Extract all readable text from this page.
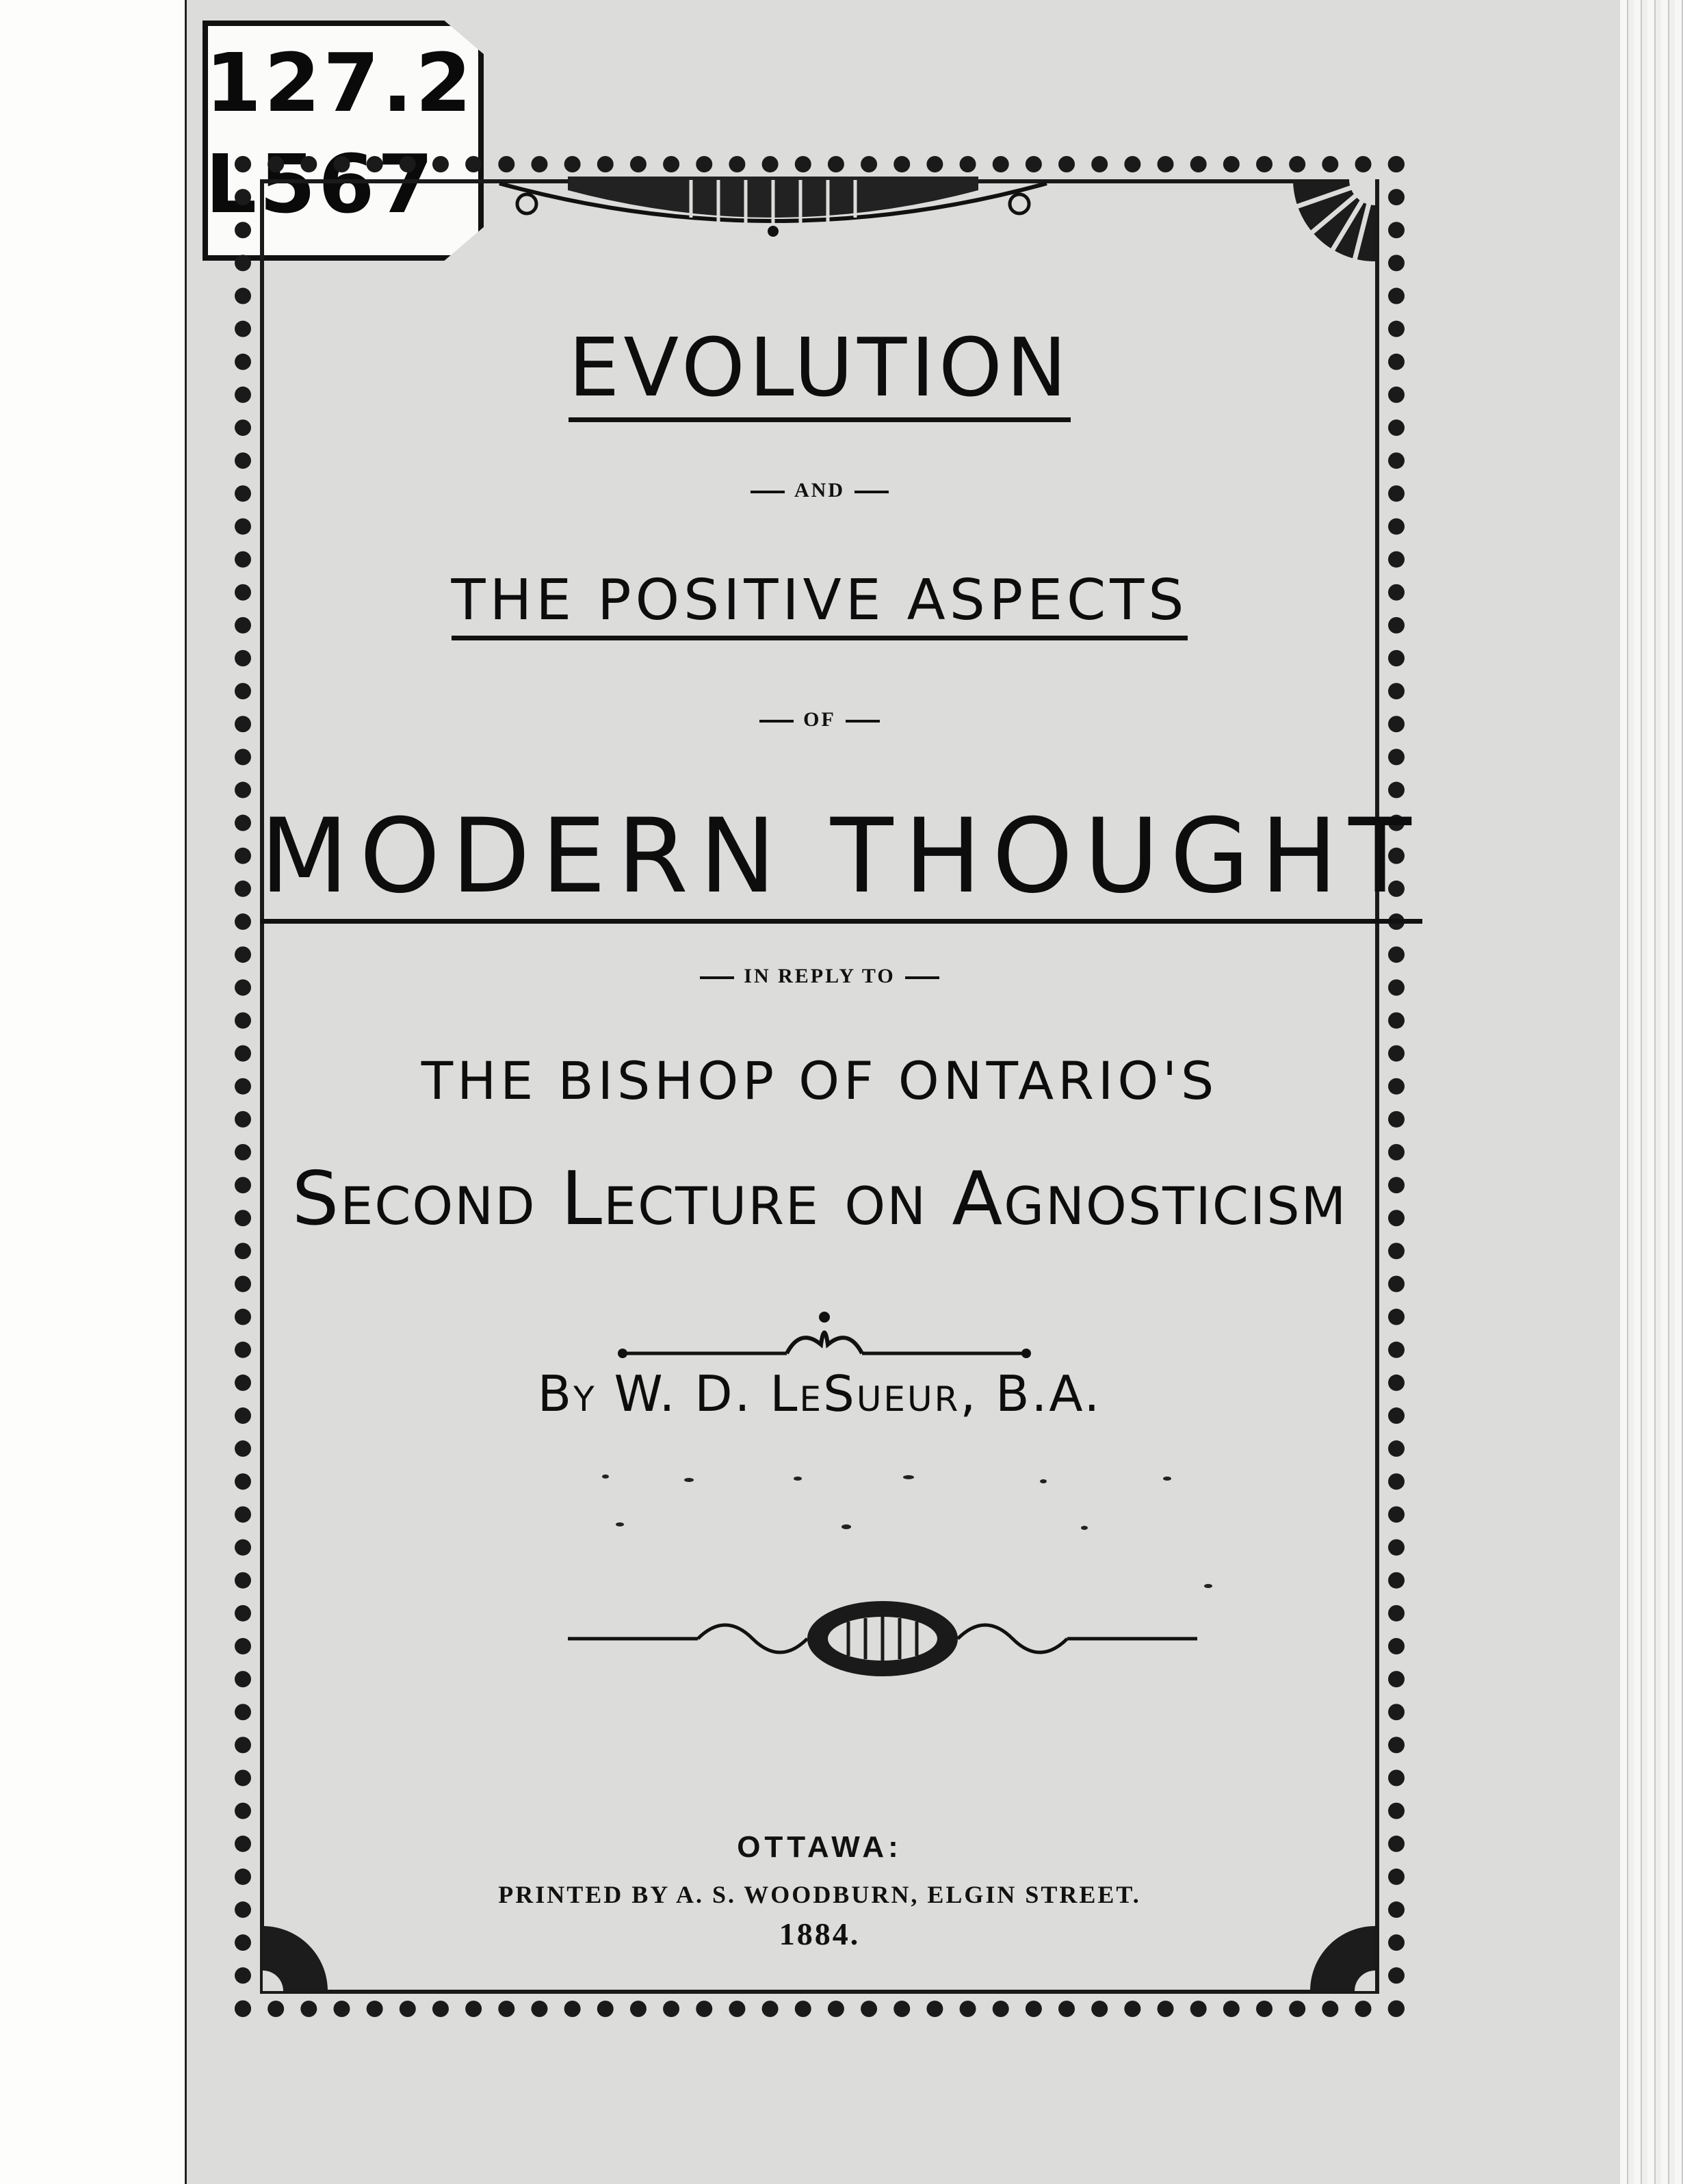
127.2
L567
EVOLUTION
AND
THE POSITIVE ASPECTS
OF
MODERN THOUGHT
IN REPLY TO
THE BISHOP OF ONTARIO'S
Second Lecture on Agnosticism
By W. D. LeSueur, B.A.
OTTAWA:
PRINTED BY A. S. WOODBURN, ELGIN STREET.
1884.
